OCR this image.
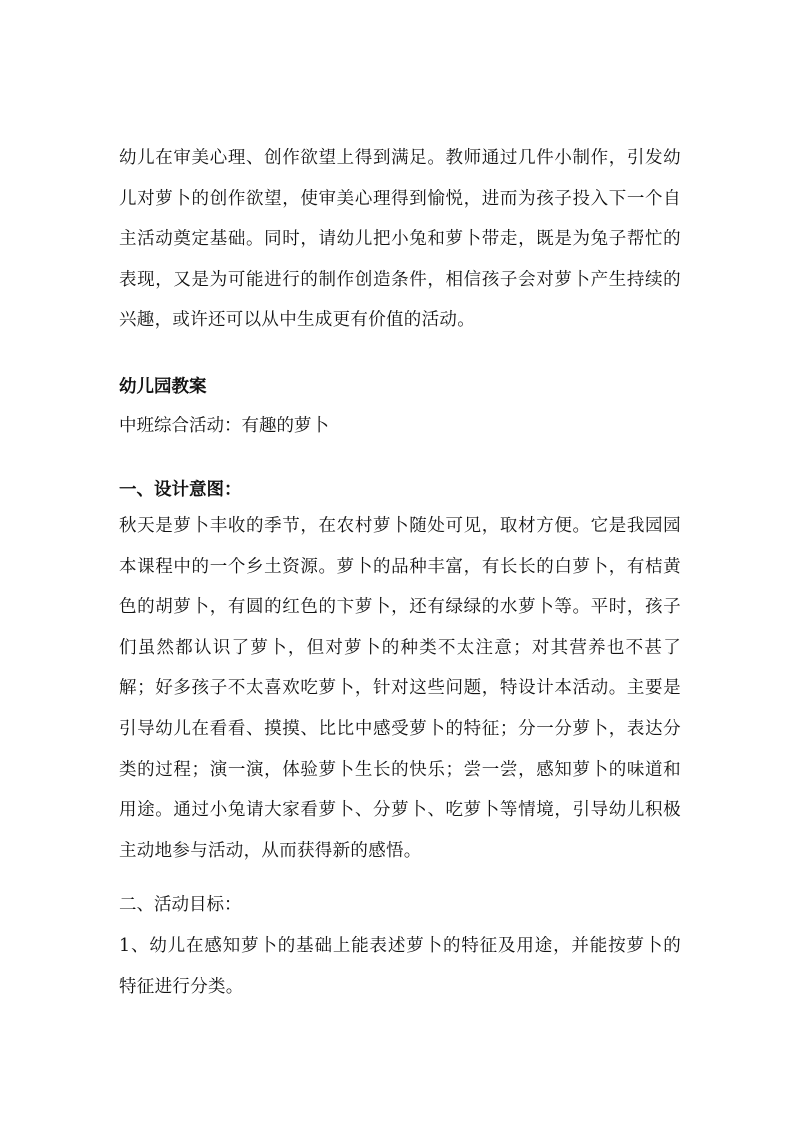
幼儿在审美心理、创作欲望上得到满足。教师通过几件小制作，引发幼儿对萝卜的创作欲望，使审美心理得到愉悦，进而为孩子投入下一个自主活动奠定基础。同时，请幼儿把小兔和萝卜带走，既是为兔子帮忙的表现，又是为可能进行的制作创造条件，相信孩子会对萝卜产生持续的兴趣，或许还可以从中生成更有价值的活动。

幼儿园教案

中班综合活动：有趣的萝卜

一、设计意图：

秋天是萝卜丰收的季节，在农村萝卜随处可见，取材方便。它是我园园本课程中的一个乡土资源。萝卜的品种丰富，有长长的白萝卜，有桔黄色的胡萝卜，有圆的红色的卞萝卜，还有绿绿的水萝卜等。平时，孩子们虽然都认识了萝卜，但对萝卜的种类不太注意；对其营养也不甚了解；好多孩子不太喜欢吃萝卜，针对这些问题，特设计本活动。主要是引导幼儿在看看、摸摸、比比中感受萝卜的特征；分一分萝卜，表达分类的过程；演一演，体验萝卜生长的快乐；尝一尝，感知萝卜的味道和用途。通过小兔请大家看萝卜、分萝卜、吃萝卜等情境，引导幼儿积极主动地参与活动，从而获得新的感悟。

二、活动目标：

1、幼儿在感知萝卜的基础上能表述萝卜的特征及用途，并能按萝卜的特征进行分类。
